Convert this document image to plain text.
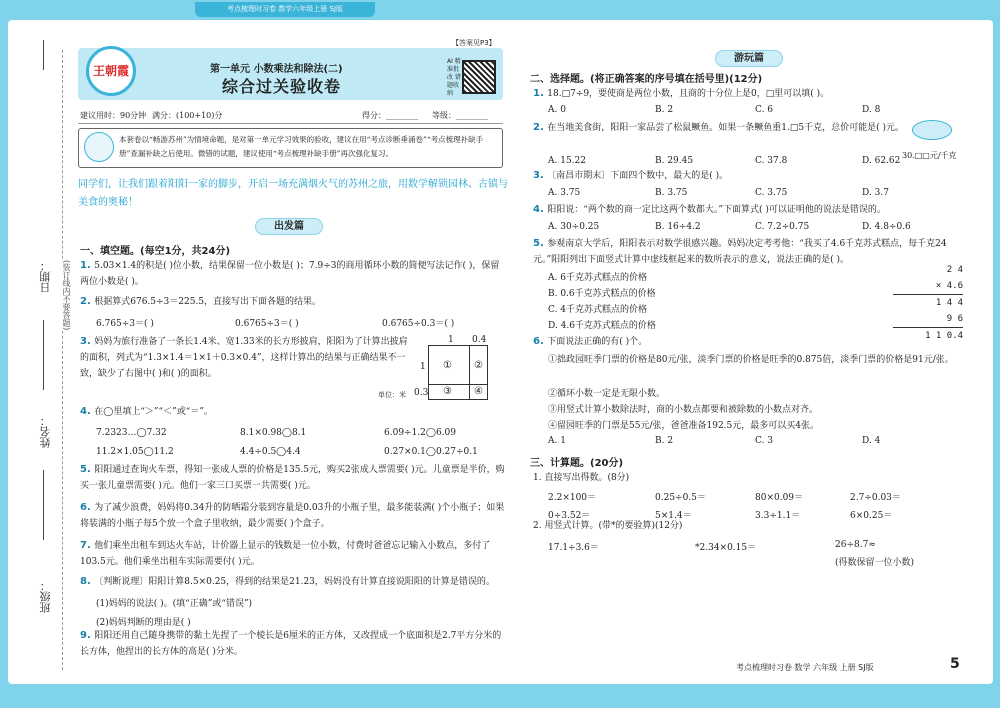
考点梳理时习卷 数学六年级上册 SJ版
日期：
姓名：
班级：
(装订线内不要答题)
王朝霞	第一单元 小数乘法和除法(二)
综合过关验收卷
【答案见P3】
AI 精准批改 错题收纳
建议用时：90分钟 满分：(100+10)分	得分：________ 等级：________
本套卷以“畅游苏州”为情境命题，是对第一单元学习效果的验收，建议在用“考点诊断垂涌卷”“考点梳理补缺手册”查漏补缺之后使用。微错的试题，建议使用“考点梳理补缺手册”再次强化复习。
同学们，让我们跟着阳阳一家的脚步，开启一场充满烟火气的苏州之旅，用数学解锁园林、古镇与美食的奥秘！
出发篇
一、填空题。(每空1分，共24分)
1. 5.03×1.4的积是( )位小数，结果保留一位小数是( )；7.9÷3的商用循环小数的简便写法记作( )，保留两位小数是( )。
2. 根据算式676.5÷3＝225.5，直接写出下面各题的结果。
6.765÷3＝( )	0.6765÷3＝( )	0.6765÷0.3＝( )
3. 妈妈为旅行准备了一条长1.4米、宽1.33米的长方形披肩，阳阳为了计算出披肩的面积，列式为“1.3×1.4＝1×1＋0.3×0.4”，这样计算出的结果与正确结果不一致，缺少了右图中( )和( )的面积。
① ②
③ ④
1 0.4
1
0.3
单位：米
4. 在◯里填上“＞”“＜”或“＝”。
7.2323…◯7.32	8.1×0.98◯8.1	6.09÷1.2◯6.09
11.2×1.05◯11.2	4.4÷0.5◯4.4	0.27×0.1◯0.27÷0.1
5. 阳阳通过查询火车票，得知一张成人票的价格是135.5元，购买2张成人票需要( )元。儿童票是半价，购买一张儿童票需要( )元。他们一家三口买票一共需要( )元。
6. 为了减少浪费，妈妈将0.34升的防晒霜分装到容量是0.03升的小瓶子里，最多能装满( )个小瓶子；如果将装满的小瓶子每5个放一个盒子里收纳，最少需要( )个盒子。
7. 他们乘坐出租车到达火车站，计价器上显示的钱数是一位小数，付费时爸爸忘记输入小数点，多付了103.5元。他们乘坐出租车实际需要付( )元。
8. 〔判断说理〕阳阳计算8.5×0.25，得到的结果是21.23，妈妈没有计算直接说阳阳的计算是错误的。
(1)妈妈的说法( )。(填“正确”或“错误”)
(2)妈妈判断的理由是( )
9. 阳阳还用自己随身携带的黏土先捏了一个棱长是6厘米的正方体，又改捏成一个底面积是2.7平方分米的长方体，他捏出的长方体的高是( )分米。
游玩篇
二、选择题。(将正确答案的序号填在括号里)(12分)
1. 18.□7÷9，要使商是两位小数，且商的十分位上是0，□里可以填( )。
A. 0	B. 2	C. 6	D. 8
2. 在当地美食街，阳阳一家品尝了松鼠鳜鱼。如果一条鳜鱼重1.□5千克，总价可能是( )元。
30.□□元/千克
A. 15.22	B. 29.45	C. 37.8	D. 62.62
3. 〔南昌市期末〕下面四个数中，最大的是( )。
A. 3.75	B. 3.75	C. 3.75	D. 3.7
4. 阳阳说：“两个数的商一定比这两个数都大。”下面算式( )可以证明他的说法是错误的。
A. 30÷0.25	B. 16÷4.2	C. 7.2÷0.75	D. 4.8÷0.6
5. 参观南京大学后，阳阳表示对数学很感兴趣。妈妈决定考考他：“我买了4.6千克苏式糕点，每千克24元。”阳阳列出下面竖式计算中虚线框起来的数所表示的意义，说法正确的是( )。
A. 6千克苏式糕点的价格
B. 0.6千克苏式糕点的价格
C. 4千克苏式糕点的价格
D. 4.6千克苏式糕点的价格
2 4
× 4.6
1 4 4
9 6
1 1 0.4
6. 下面说法正确的有( )个。
①拙政园旺季门票的价格是80元/张，淡季门票的价格是旺季的0.875倍，淡季门票的价格是91元/张。
②循环小数一定是无限小数。
③用竖式计算小数除法时，商的小数点都要和被除数的小数点对齐。
④留园旺季的门票是55元/张，爸爸准备192.5元，最多可以买4张。
A. 1	B. 2	C. 3	D. 4
三、计算题。(20分)
1. 直接写出得数。(8分)
2.2×100＝	0.25÷0.5＝	80×0.09＝	2.7÷0.03＝
0÷3.52＝	5×1.4＝	3.3÷1.1＝	6×0.25＝
2. 用竖式计算。(带*的要验算)(12分)
17.1÷3.6＝	*2.34×0.15＝	26÷8.7≈
(得数保留一位小数)
考点梳理时习卷 数学 六年级 上册 SJ版	5
